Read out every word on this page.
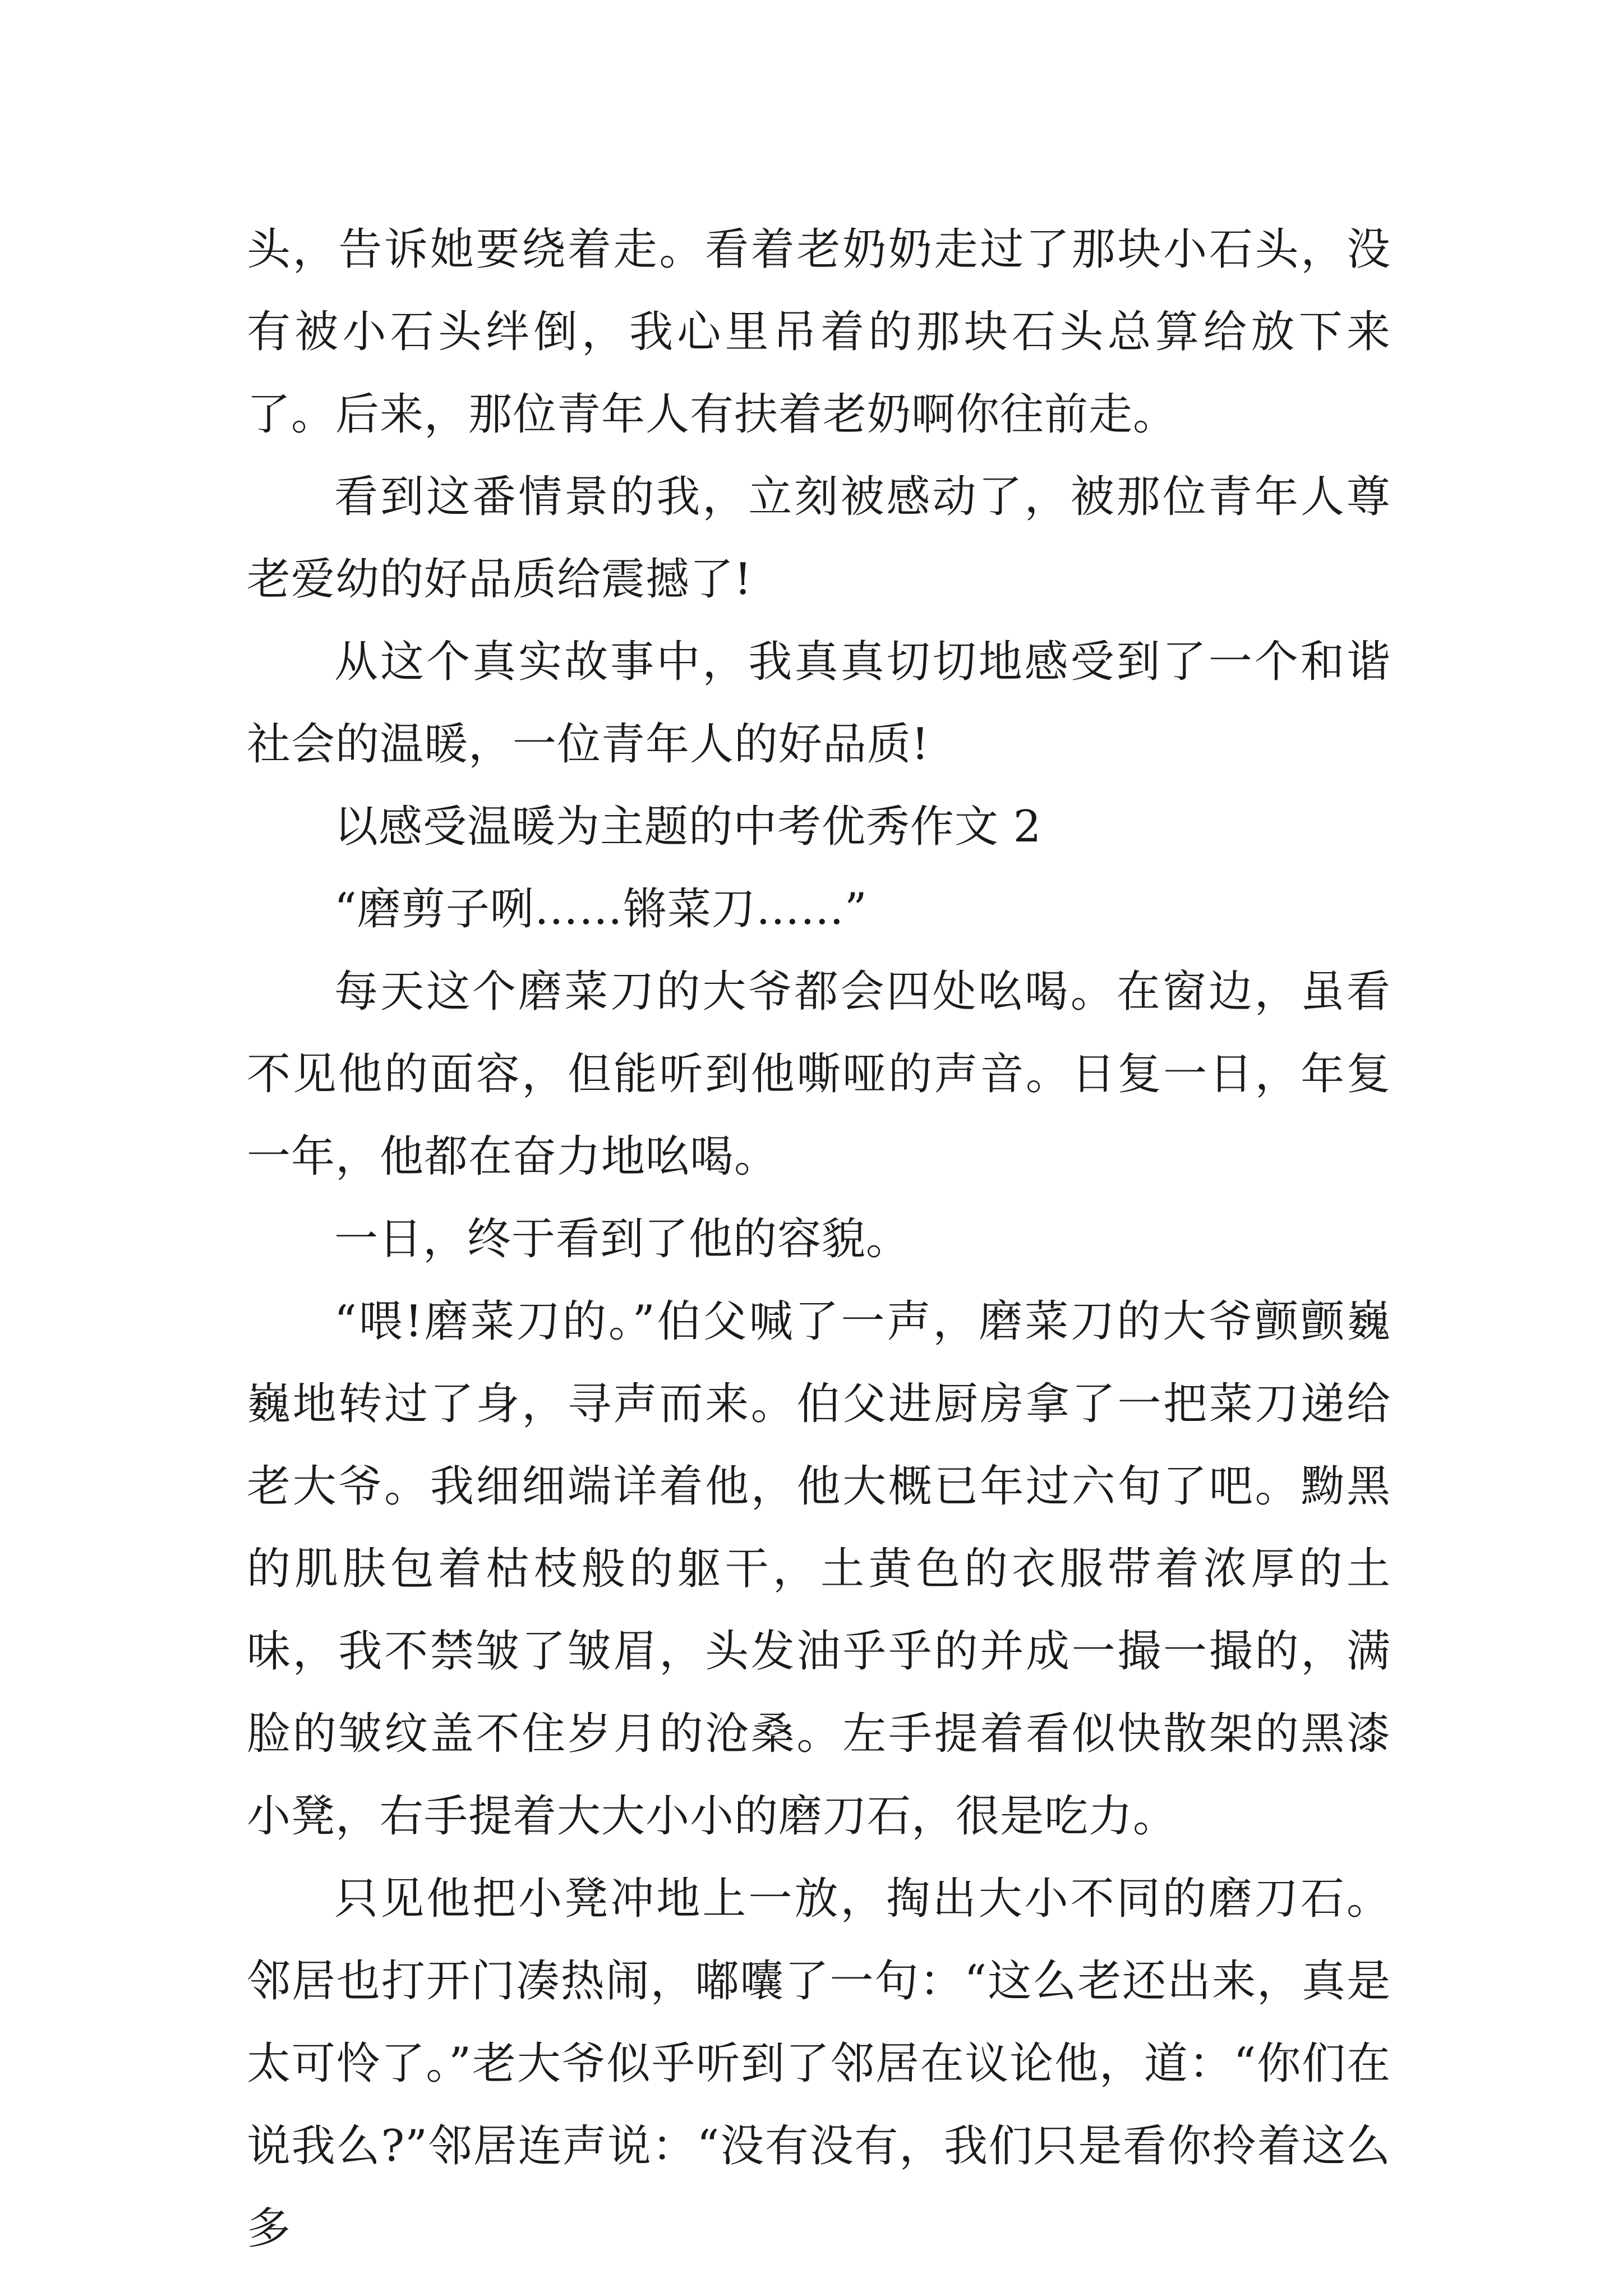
头，告诉她要绕着走。看着老奶奶走过了那块小石头，没有被小石头绊倒，我心里吊着的那块石头总算给放下来了。后来，那位青年人有扶着老奶啊你往前走。

看到这番情景的我，立刻被感动了，被那位青年人尊老爱幼的好品质给震撼了!

从这个真实故事中，我真真切切地感受到了一个和谐社会的温暖，一位青年人的好品质!

以感受温暖为主题的中考优秀作文 2

“磨剪子咧……锵菜刀……”

每天这个磨菜刀的大爷都会四处吆喝。在窗边，虽看不见他的面容，但能听到他嘶哑的声音。日复一日，年复一年，他都在奋力地吆喝。

一日，终于看到了他的容貌。

“喂!磨菜刀的。”伯父喊了一声，磨菜刀的大爷颤颤巍巍地转过了身，寻声而来。伯父进厨房拿了一把菜刀递给老大爷。我细细端详着他，他大概已年过六旬了吧。黝黑的肌肤包着枯枝般的躯干，土黄色的衣服带着浓厚的土味，我不禁皱了皱眉，头发油乎乎的并成一撮一撮的，满脸的皱纹盖不住岁月的沧桑。左手提着看似快散架的黑漆小凳，右手提着大大小小的磨刀石，很是吃力。

只见他把小凳冲地上一放，掏出大小不同的磨刀石。邻居也打开门凑热闹，嘟囔了一句：“这么老还出来，真是太可怜了。”老大爷似乎听到了邻居在议论他，道：“你们在说我么?”邻居连声说：“没有没有，我们只是看你拎着这么多
